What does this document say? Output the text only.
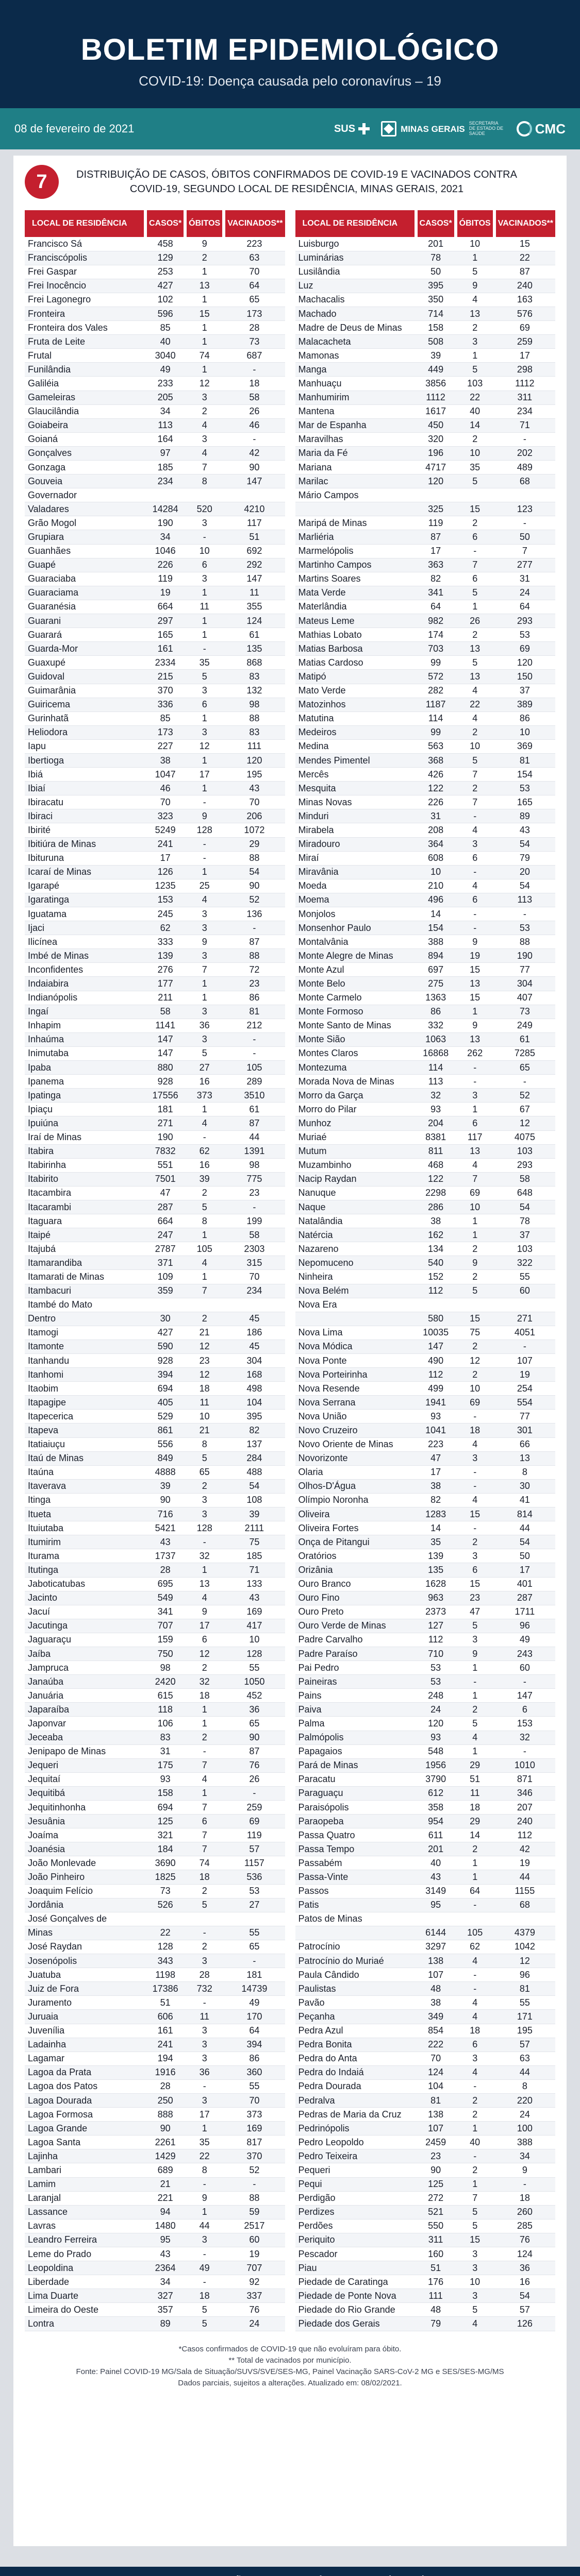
BOLETIM EPIDEMIOLÓGICO
COVID-19: Doença causada pelo coronavírus – 19
08 de fevereiro de 2021	SUS	MINAS GERAIS
SECRETARIA DE ESTADO DE SAÚDE	CMC
7	DISTRIBUIÇÃO DE CASOS, ÓBITOS CONFIRMADOS DE COVID-19 E VACINADOS CONTRA COVID-19, SEGUNDO LOCAL DE RESIDÊNCIA, MINAS GERAIS, 2021
LOCAL DE RESIDÊNCIA	CASOS*	ÓBITOS	VACINADOS**
Francisco Sá	458	9	223
Franciscópolis	129	2	63
Frei Gaspar	253	1	70
Frei Inocêncio	427	13	64
Frei Lagonegro	102	1	65
Fronteira	596	15	173
Fronteira dos Vales	85	1	28
Fruta de Leite	40	1	73
Frutal	3040	74	687
Funilândia	49	1	-
Galiléia	233	12	18
Gameleiras	205	3	58
Glaucilândia	34	2	26
Goiabeira	113	4	46
Goianá	164	3	-
Gonçalves	97	4	42
Gonzaga	185	7	90
Gouveia	234	8	147
Governador			
Valadares	14284	520	4210
Grão Mogol	190	3	117
Grupiara	34	-	51
Guanhães	1046	10	692
Guapé	226	6	292
Guaraciaba	119	3	147
Guaraciama	19	1	11
Guaranésia	664	11	355
Guarani	297	1	124
Guarará	165	1	61
Guarda-Mor	161	-	135
Guaxupé	2334	35	868
Guidoval	215	5	83
Guimarânia	370	3	132
Guiricema	336	6	98
Gurinhatã	85	1	88
Heliodora	173	3	83
Iapu	227	12	111
Ibertioga	38	1	120
Ibiá	1047	17	195
Ibiaí	46	1	43
Ibiracatu	70	-	70
Ibiraci	323	9	206
Ibirité	5249	128	1072
Ibitiúra de Minas	241	-	29
Ibituruna	17	-	88
Icaraí de Minas	126	1	54
Igarapé	1235	25	90
Igaratinga	153	4	52
Iguatama	245	3	136
Ijaci	62	3	-
Ilicínea	333	9	87
Imbé de Minas	139	3	88
Inconfidentes	276	7	72
Indaiabira	177	1	23
Indianópolis	211	1	86
Ingaí	58	3	81
Inhapim	1141	36	212
Inhaúma	147	3	-
Inimutaba	147	5	-
Ipaba	880	27	105
Ipanema	928	16	289
Ipatinga	17556	373	3510
Ipiaçu	181	1	61
Ipuiúna	271	4	87
Iraí de Minas	190	-	44
Itabira	7832	62	1391
Itabirinha	551	16	98
Itabirito	7501	39	775
Itacambira	47	2	23
Itacarambi	287	5	-
Itaguara	664	8	199
Itaipé	247	1	58
Itajubá	2787	105	2303
Itamarandiba	371	4	315
Itamarati de Minas	109	1	70
Itambacuri	359	7	234
Itambé do Mato			
Dentro	30	2	45
Itamogi	427	21	186
Itamonte	590	12	45
Itanhandu	928	23	304
Itanhomi	394	12	168
Itaobim	694	18	498
Itapagipe	405	11	104
Itapecerica	529	10	395
Itapeva	861	21	82
Itatiaiuçu	556	8	137
Itaú de Minas	849	5	284
Itaúna	4888	65	488
Itaverava	39	2	54
Itinga	90	3	108
Itueta	716	3	39
Ituiutaba	5421	128	2111
Itumirim	43	-	75
Iturama	1737	32	185
Itutinga	28	1	71
Jaboticatubas	695	13	133
Jacinto	549	4	43
Jacuí	341	9	169
Jacutinga	707	17	417
Jaguaraçu	159	6	10
Jaíba	750	12	128
Jampruca	98	2	55
Janaúba	2420	32	1050
Januária	615	18	452
Japaraíba	118	1	36
Japonvar	106	1	65
Jeceaba	83	2	90
Jenipapo de Minas	31	-	87
Jequeri	175	7	76
Jequitaí	93	4	26
Jequitibá	158	1	-
Jequitinhonha	694	7	259
Jesuânia	125	6	69
Joaíma	321	7	119
Joanésia	184	7	57
João Monlevade	3690	74	1157
João Pinheiro	1825	18	536
Joaquim Felício	73	2	53
Jordânia	526	5	27
José Gonçalves de			
Minas	22	-	55
José Raydan	128	2	65
Josenópolis	343	3	-
Juatuba	1198	28	181
Juiz de Fora	17386	732	14739
Juramento	51	-	49
Juruaia	606	11	170
Juvenília	161	3	64
Ladainha	241	3	394
Lagamar	194	3	86
Lagoa da Prata	1916	36	360
Lagoa dos Patos	28	-	55
Lagoa Dourada	250	3	70
Lagoa Formosa	888	17	373
Lagoa Grande	90	1	169
Lagoa Santa	2261	35	817
Lajinha	1429	22	370
Lambari	689	8	52
Lamim	21	-	-
Laranjal	221	9	88
Lassance	94	1	59
Lavras	1480	44	2517
Leandro Ferreira	95	3	60
Leme do Prado	43	-	19
Leopoldina	2364	49	707
Liberdade	34	-	92
Lima Duarte	327	18	337
Limeira do Oeste	357	5	76
Lontra	89	5	24
LOCAL DE RESIDÊNCIA	CASOS*	ÓBITOS	VACINADOS**
Luisburgo	201	10	15
Luminárias	78	1	22
Lusilândia	50	5	87
Luz	395	9	240
Machacalis	350	4	163
Machado	714	13	576
Madre de Deus de Minas	158	2	69
Malacacheta	508	3	259
Mamonas	39	1	17
Manga	449	5	298
Manhuaçu	3856	103	1112
Manhumirim	1112	22	311
Mantena	1617	40	234
Mar de Espanha	450	14	71
Maravilhas	320	2	-
Maria da Fé	196	10	202
Mariana	4717	35	489
Marilac	120	5	68
Mário Campos			
	325	15	123
Maripá de Minas	119	2	-
Marliéria	87	6	50
Marmelópolis	17	-	7
Martinho Campos	363	7	277
Martins Soares	82	6	31
Mata Verde	341	5	24
Materlândia	64	1	64
Mateus Leme	982	26	293
Mathias Lobato	174	2	53
Matias Barbosa	703	13	69
Matias Cardoso	99	5	120
Matipó	572	13	150
Mato Verde	282	4	37
Matozinhos	1187	22	389
Matutina	114	4	86
Medeiros	99	2	10
Medina	563	10	369
Mendes Pimentel	368	5	81
Mercês	426	7	154
Mesquita	122	2	53
Minas Novas	226	7	165
Minduri	31	-	89
Mirabela	208	4	43
Miradouro	364	3	54
Miraí	608	6	79
Miravânia	10	-	20
Moeda	210	4	54
Moema	496	6	113
Monjolos	14	-	-
Monsenhor Paulo	154	-	53
Montalvânia	388	9	88
Monte Alegre de Minas	894	19	190
Monte Azul	697	15	77
Monte Belo	275	13	304
Monte Carmelo	1363	15	407
Monte Formoso	86	1	73
Monte Santo de Minas	332	9	249
Monte Sião	1063	13	61
Montes Claros	16868	262	7285
Montezuma	114	-	65
Morada Nova de Minas	113	-	-
Morro da Garça	32	3	52
Morro do Pilar	93	1	67
Munhoz	204	6	12
Muriaé	8381	117	4075
Mutum	811	13	103
Muzambinho	468	4	293
Nacip Raydan	122	7	58
Nanuque	2298	69	648
Naque	286	10	54
Natalândia	38	1	78
Natércia	162	1	37
Nazareno	134	2	103
Nepomuceno	540	9	322
Ninheira	152	2	55
Nova Belém	112	5	60
Nova Era			
	580	15	271
Nova Lima	10035	75	4051
Nova Módica	147	2	-
Nova Ponte	490	12	107
Nova Porteirinha	112	2	19
Nova Resende	499	10	254
Nova Serrana	1941	69	554
Nova União	93	-	77
Novo Cruzeiro	1041	18	301
Novo Oriente de Minas	223	4	66
Novorizonte	47	3	13
Olaria	17	-	8
Olhos-D'Água	38	-	30
Olímpio Noronha	82	4	41
Oliveira	1283	15	814
Oliveira Fortes	14	-	44
Onça de Pitangui	35	2	54
Oratórios	139	3	50
Orizânia	135	6	17
Ouro Branco	1628	15	401
Ouro Fino	963	23	287
Ouro Preto	2373	47	1711
Ouro Verde de Minas	127	5	96
Padre Carvalho	112	3	49
Padre Paraíso	710	9	243
Pai Pedro	53	1	60
Paineiras	53	-	-
Pains	248	1	147
Paiva	24	2	6
Palma	120	5	153
Palmópolis	93	4	32
Papagaios	548	1	-
Pará de Minas	1956	29	1010
Paracatu	3790	51	871
Paraguaçu	612	11	346
Paraisópolis	358	18	207
Paraopeba	954	29	240
Passa Quatro	611	14	112
Passa Tempo	201	2	42
Passabém	40	1	19
Passa-Vinte	43	1	44
Passos	3149	64	1155
Patis	95	-	68
Patos de Minas			
	6144	105	4379
Patrocínio	3297	62	1042
Patrocínio do Muriaé	138	4	12
Paula Cândido	107	-	96
Paulistas	48	-	81
Pavão	38	4	55
Peçanha	349	4	171
Pedra Azul	854	18	195
Pedra Bonita	222	6	57
Pedra do Anta	70	3	63
Pedra do Indaiá	124	4	44
Pedra Dourada	104	-	8
Pedralva	81	2	220
Pedras de Maria da Cruz	138	2	24
Pedrinópolis	107	1	100
Pedro Leopoldo	2459	40	388
Pedro Teixeira	23	-	34
Pequeri	90	2	9
Pequi	125	1	-
Perdigão	272	7	18
Perdizes	521	5	260
Perdões	550	5	285
Periquito	311	15	76
Pescador	160	3	124
Piau	51	3	36
Piedade de Caratinga	176	10	16
Piedade de Ponte Nova	111	3	54
Piedade do Rio Grande	48	5	57
Piedade dos Gerais	79	4	126
*Casos confirmados de COVID-19 que não evoluíram para óbito.
** Total de vacinados por município.
Fonte: Painel COVID-19 MG/Sala de Situação/SUVS/SVE/SES-MG, Painel Vacinação SARS-CoV-2 MG e SES/SES-MG/MS
Dados parciais, sujeitos a alterações. Atualizado em: 08/02/2021.
